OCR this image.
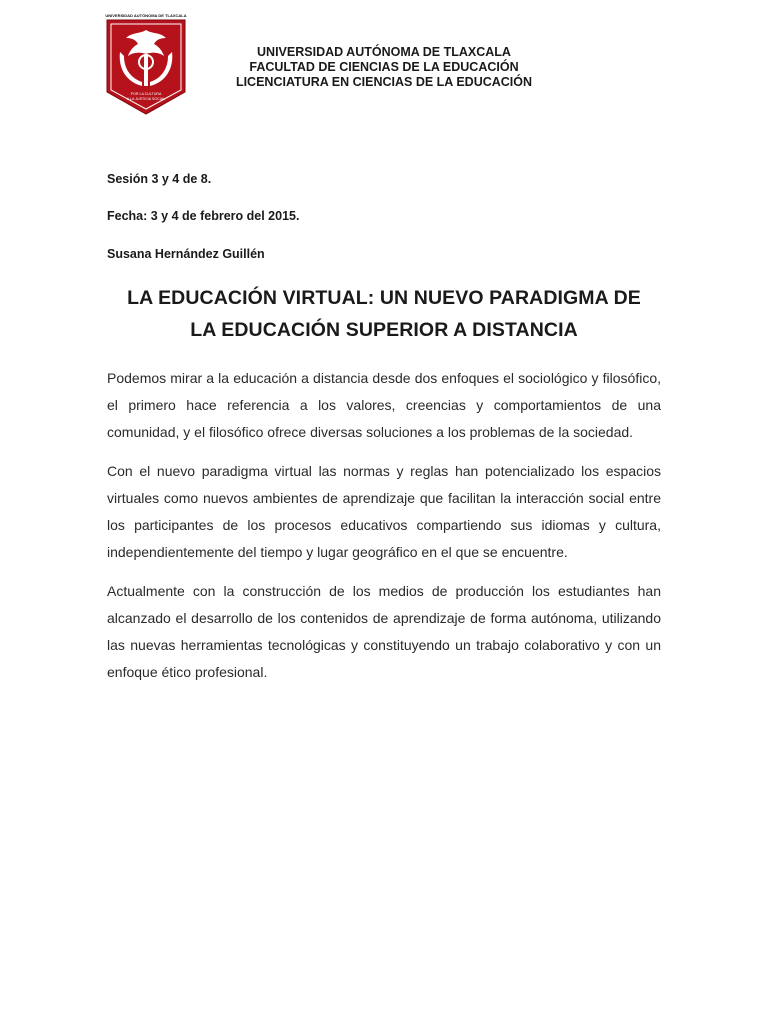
UNIVERSIDAD AUTÓNOMA DE TLAXCALA
POR LA CULTURA
A LA JUSTICIA SOCIAL
UNIVERSIDAD AUTÓNOMA DE TLAXCALA
FACULTAD DE CIENCIAS DE LA EDUCACIÓN
LICENCIATURA EN CIENCIAS DE LA EDUCACIÓN
Sesión 3 y 4 de 8.
Fecha: 3 y 4 de febrero del 2015.
Susana Hernández Guillén
LA EDUCACIÓN VIRTUAL: UN NUEVO PARADIGMA DE
LA EDUCACIÓN SUPERIOR A DISTANCIA

Podemos mirar a la educación a distancia desde dos enfoques el sociológico y filosófico, el primero hace referencia a los valores, creencias y comportamientos de una comunidad, y el filosófico ofrece diversas soluciones a los problemas de la sociedad.

Con el nuevo paradigma virtual las normas y reglas han potencializado los espacios virtuales como nuevos ambientes de aprendizaje que facilitan la interacción social entre los participantes de los procesos educativos compartiendo sus idiomas y cultura, independientemente del tiempo y lugar geográfico en el que se encuentre.

Actualmente con la construcción de los medios de producción los estudiantes han alcanzado el desarrollo de los contenidos de aprendizaje de forma autónoma, utilizando las nuevas herramientas tecnológicas y constituyendo un trabajo colaborativo y con un enfoque ético profesional.
